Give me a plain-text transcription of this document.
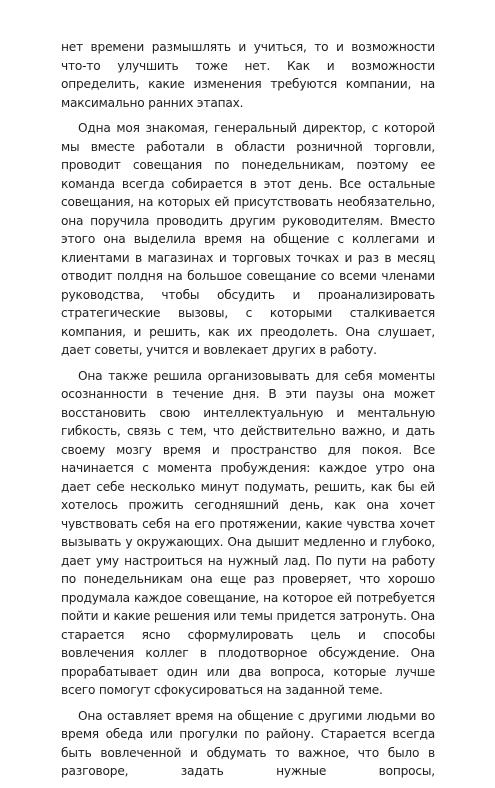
нет времени размышлять и учиться, то и возможности что-то улучшить тоже нет. Как и возможности определить, какие изменения требуются компании, на максимально ранних этапах.

Одна моя знакомая, генеральный директор, с которой мы вместе работали в области розничной торговли, проводит совещания по понедельникам, поэтому ее команда всегда собирается в этот день. Все остальные совещания, на которых ей присутствовать необязательно, она поручила проводить другим руководителям. Вместо этого она выделила время на общение с коллегами и клиентами в магазинах и торговых точках и раз в месяц отводит полдня на большое совещание со всеми членами руководства, чтобы обсудить и проанализировать стратегические вызовы, с которыми сталкивается компания, и решить, как их преодолеть. Она слушает, дает советы, учится и вовлекает других в работу.

Она также решила организовывать для себя моменты осознанности в течение дня. В эти паузы она может восстановить свою интеллектуальную и ментальную гибкость, связь с тем, что действительно важно, и дать своему мозгу время и пространство для покоя. Все начинается с момента пробуждения: каждое утро она дает себе несколько минут подумать, решить, как бы ей хотелось прожить сегодняшний день, как она хочет чувствовать себя на его протяжении, какие чувства хочет вызывать у окружающих. Она дышит медленно и глубоко, дает уму настроиться на нужный лад. По пути на работу по понедельникам она еще раз проверяет, что хорошо продумала каждое совещание, на которое ей потребуется пойти и какие решения или темы придется затронуть. Она старается ясно сформулировать цель и способы вовлечения коллег в плодотворное обсуждение. Она прорабатывает один или два вопроса, которые лучше всего помогут сфокусироваться на заданной теме.

Она оставляет время на общение с другими людьми во время обеда или прогулки по району. Старается всегда быть вовлеченной и обдумать то важное, что было в разговоре, задать нужные вопросы,
